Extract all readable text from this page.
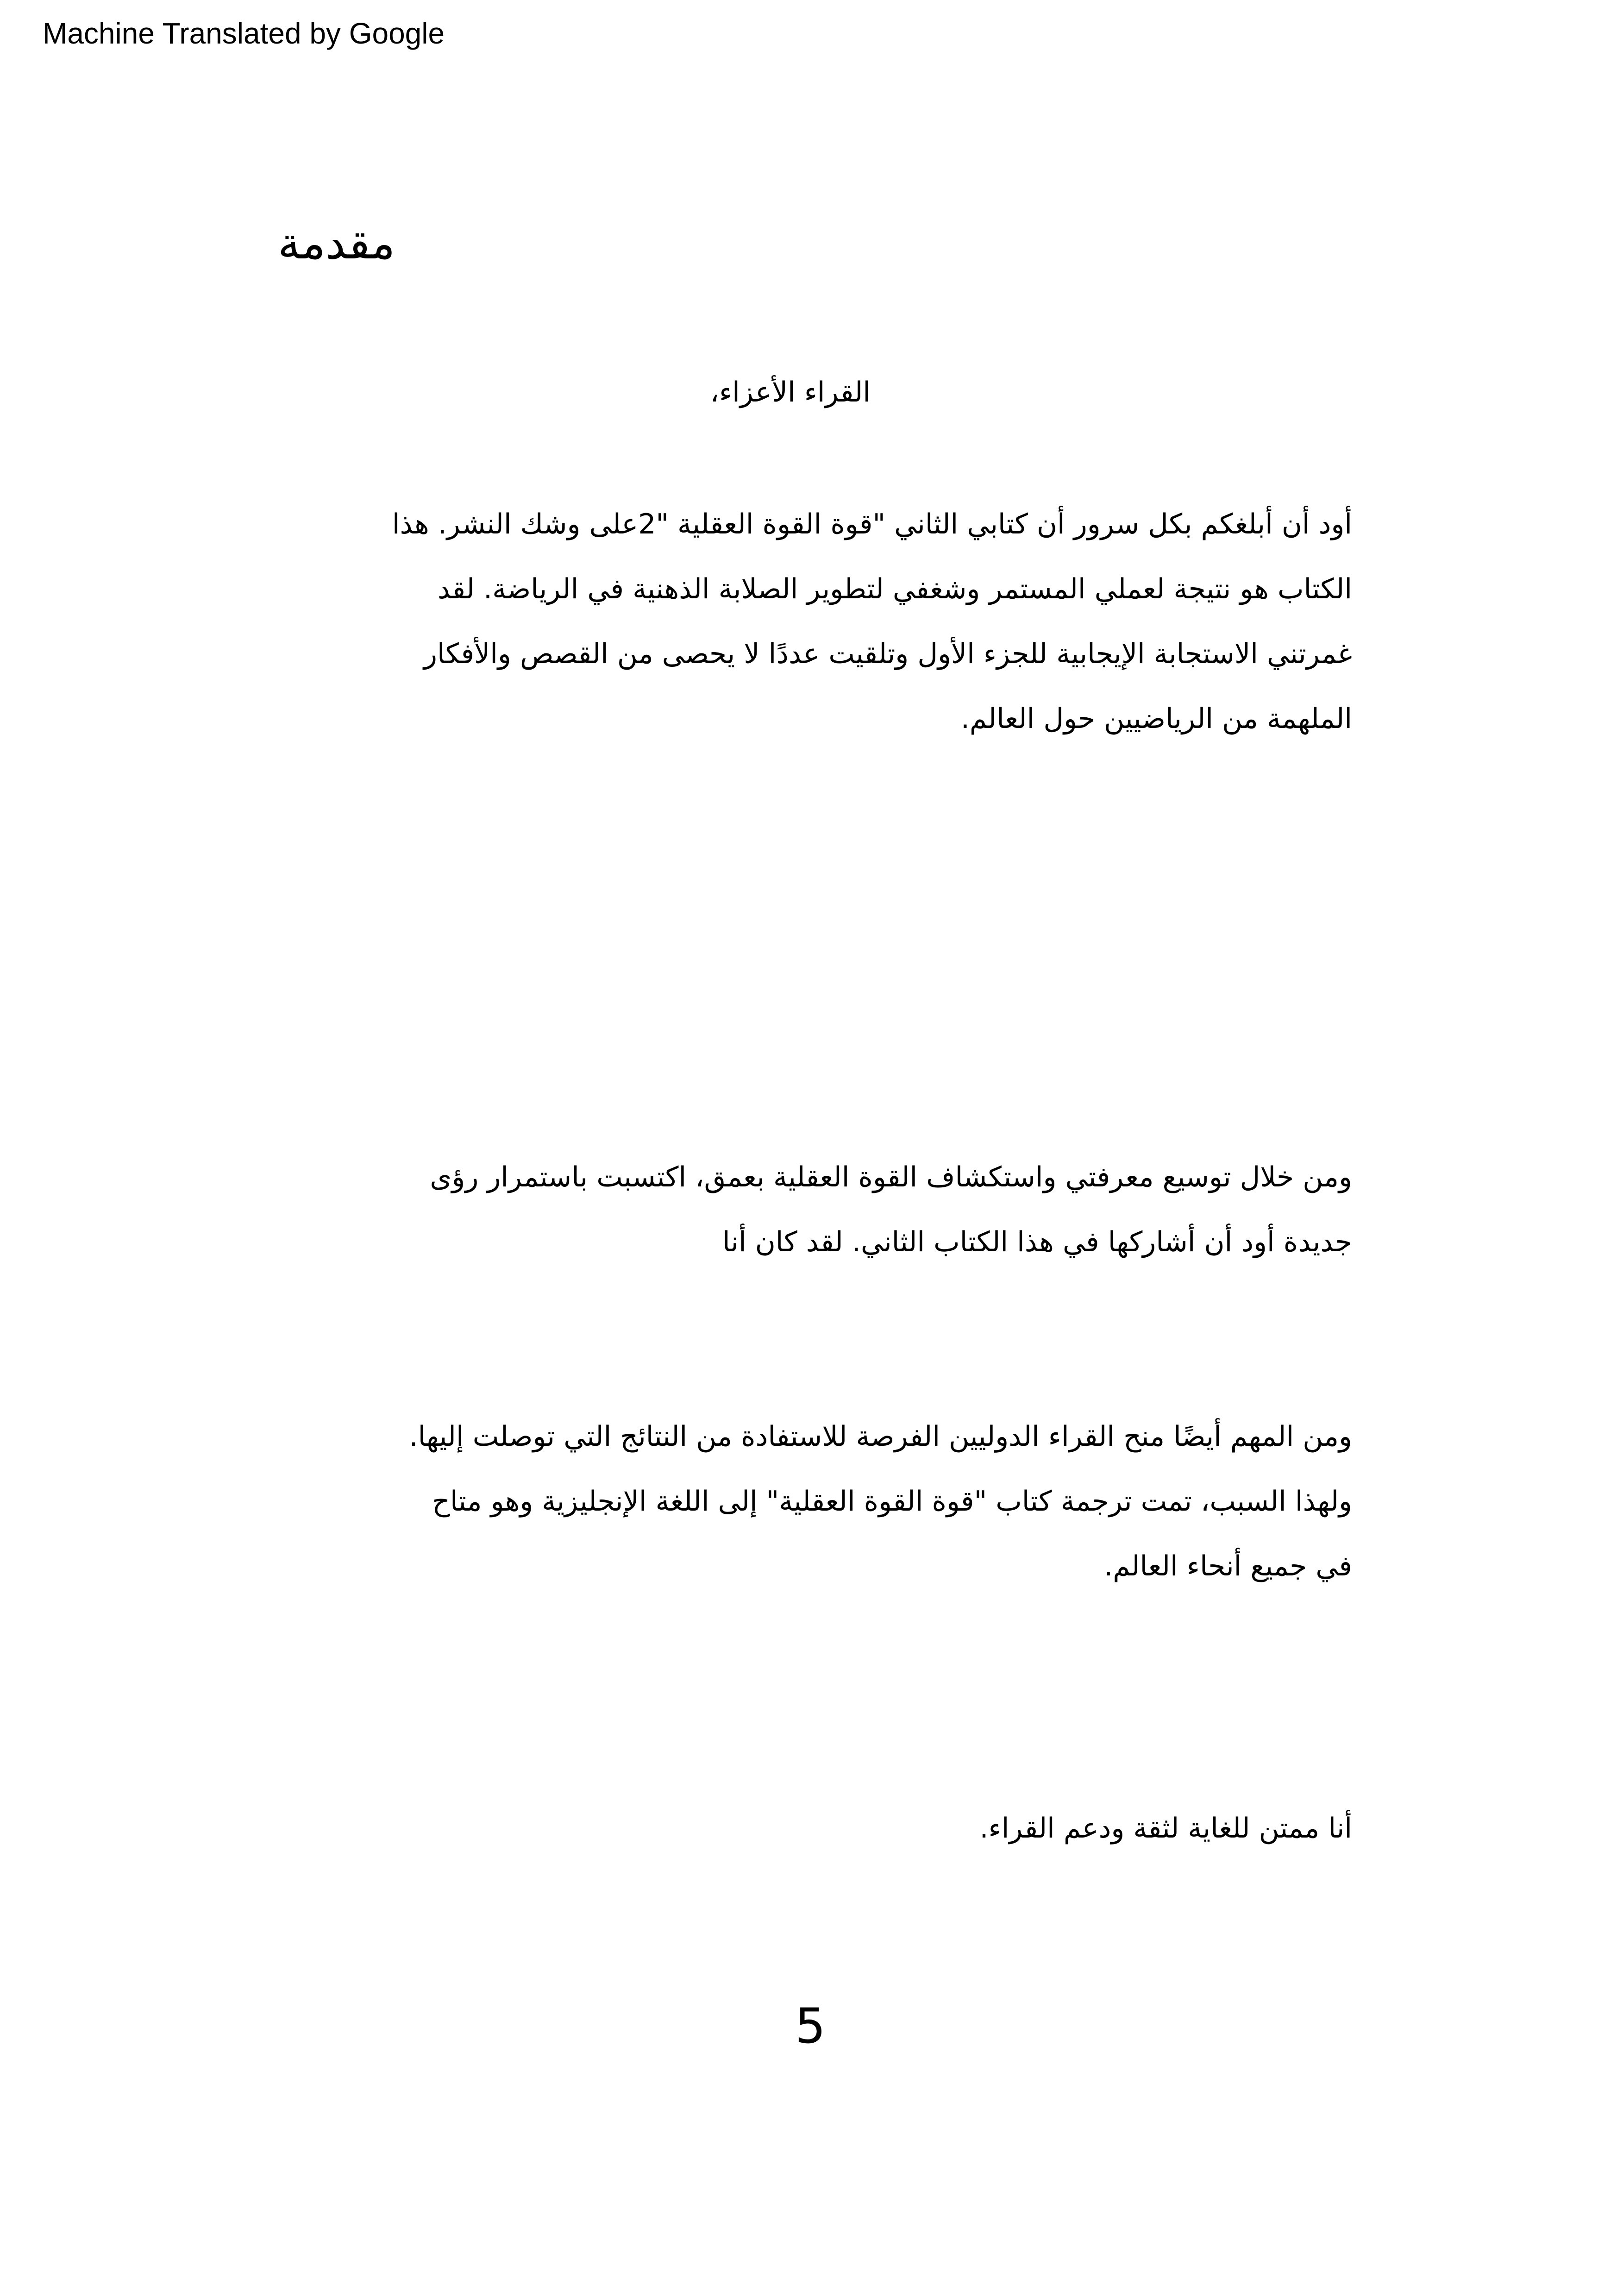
Machine Translated by Google
مقدمة
القراء الأعزاء،
أود أن أبلغكم بكل سرور أن كتابي الثاني "قوة القوة العقلية "2على وشك النشر. هذا
الكتاب هو نتيجة لعملي المستمر وشغفي لتطوير الصلابة الذهنية في الرياضة. لقد
غمرتني الاستجابة الإيجابية للجزء الأول وتلقيت عددًا لا يحصى من القصص والأفكار
الملهمة من الرياضيين حول العالم.
ومن خلال توسيع معرفتي واستكشاف القوة العقلية بعمق، اكتسبت باستمرار رؤى
جديدة أود أن أشاركها في هذا الكتاب الثاني. لقد كان أنا
ومن المهم أيضًا منح القراء الدوليين الفرصة للاستفادة من النتائج التي توصلت إليها.
ولهذا السبب، تمت ترجمة كتاب "قوة القوة العقلية" إلى اللغة الإنجليزية وهو متاح
في جميع أنحاء العالم.
أنا ممتن للغاية لثقة ودعم القراء.
5
